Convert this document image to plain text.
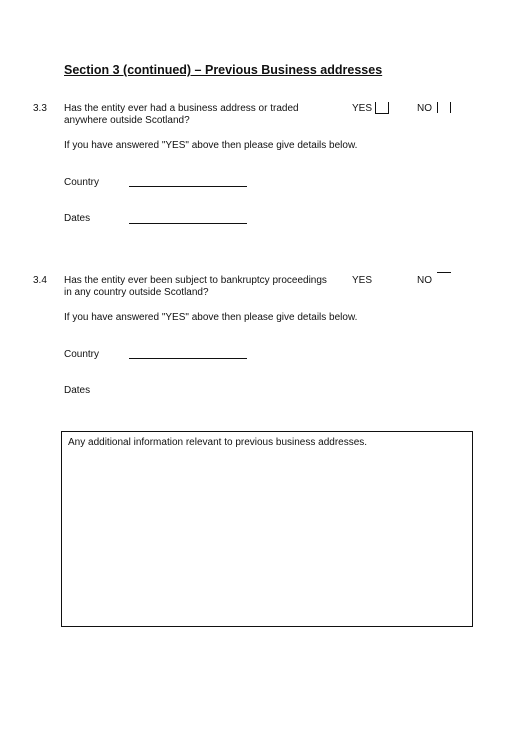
Section 3 (continued) – Previous Business addresses
3.3 Has the entity ever had a business address or traded anywhere outside Scotland?
YES	NO
If you have answered "YES" above then please give details below.
Country
Dates
3.4 Has the entity ever been subject to bankruptcy proceedings in any country outside Scotland?
YES	NO
If you have answered "YES" above then please give details below.
Country
Dates
Any additional information relevant to previous business addresses.
